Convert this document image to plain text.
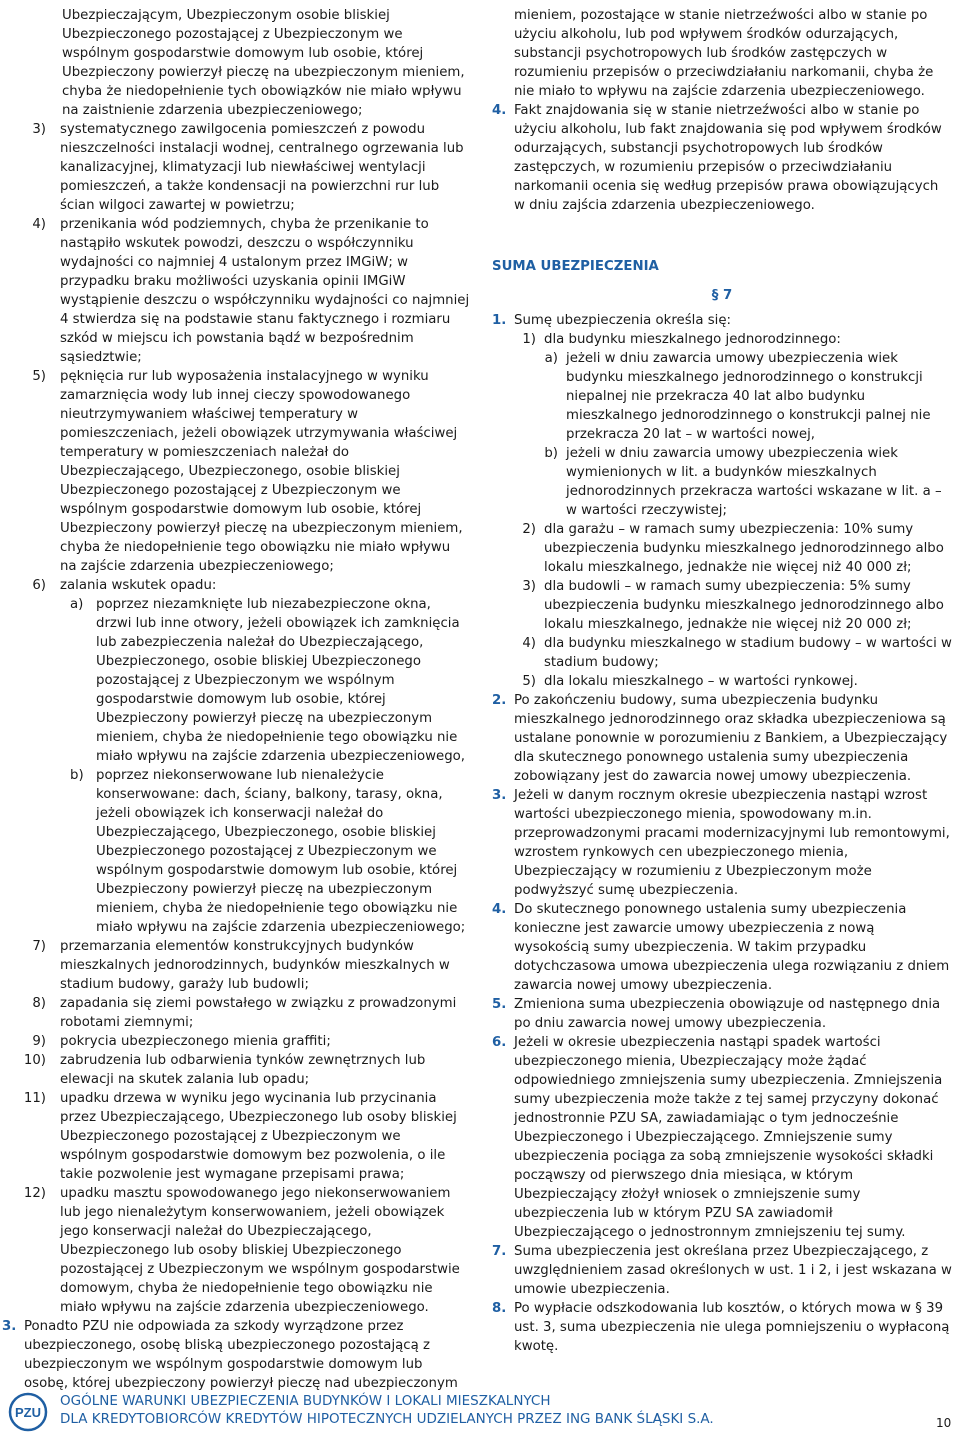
Ubezpieczającym, Ubezpieczonym osobie bliskiej Ubezpieczonego pozostającej z Ubezpieczonym we wspólnym gospodarstwie domowym lub osobie, której Ubezpieczony powierzył pieczę na ubezpieczonym mieniem, chyba że niedopełnienie tych obowiązków nie miało wpływu na zaistnienie zdarzenia ubezpieczeniowego;

3)	systematycznego zawilgocenia pomieszczeń z powodu nieszczelności instalacji wodnej, centralnego ogrzewania lub kanalizacyjnej, klimatyzacji lub niewłaściwej wentylacji pomieszczeń, a także kondensacji na powierzchni rur lub ścian wilgoci zawartej w powietrzu;
4)	przenikania wód podziemnych, chyba że przenikanie to nastąpiło wskutek powodzi, deszczu o współczynniku wydajności co najmniej 4 ustalonym przez IMGiW; w przypadku braku możliwości uzyskania opinii IMGiW wystąpienie deszczu o współczynniku wydajności co najmniej 4 stwierdza się na podstawie stanu faktycznego i rozmiaru szkód w miejscu ich powstania bądź w bezpośrednim sąsiedztwie;
5)	pęknięcia rur lub wyposażenia instalacyjnego w wyniku zamarznięcia wody lub innej cieczy spowodowanego nieutrzymywaniem właściwej temperatury w pomieszczeniach, jeżeli obowiązek utrzymywania właściwej temperatury w pomieszczeniach należał do Ubezpieczającego, Ubezpieczonego, osobie bliskiej Ubezpieczonego pozostającej z Ubezpieczonym we wspólnym gospodarstwie domowym lub osobie, której Ubezpieczony powierzył pieczę na ubezpieczonym mieniem, chyba że niedopełnienie tego obowiązku nie miało wpływu na zajście zdarzenia ubezpieczeniowego;
6)	zalania wskutek opadu:
a) poprzez niezamknięte lub niezabezpieczone okna, drzwi lub inne otwory, jeżeli obowiązek ich zamknięcia lub zabezpieczenia należał do Ubezpieczającego, Ubezpieczonego, osobie bliskiej Ubezpieczonego pozostającej z Ubezpieczonym we wspólnym gospodarstwie domowym lub osobie, której Ubezpieczony powierzył pieczę na ubezpieczonym mieniem, chyba że niedopełnienie tego obowiązku nie miało wpływu na zajście zdarzenia ubezpieczeniowego,
b) poprzez niekonserwowane lub nienależycie konserwowane: dach, ściany, balkony, tarasy, okna, jeżeli obowiązek ich konserwacji należał do Ubezpieczającego, Ubezpieczonego, osobie bliskiej Ubezpieczonego pozostającej z Ubezpieczonym we wspólnym gospodarstwie domowym lub osobie, której Ubezpieczony powierzył pieczę na ubezpieczonym mieniem, chyba że niedopełnienie tego obowiązku nie miało wpływu na zajście zdarzenia ubezpieczeniowego;
7)	przemarzania elementów konstrukcyjnych budynków mieszkalnych jednorodzinnych, budynków mieszkalnych w stadium budowy, garaży lub budowli;
8)	zapadania się ziemi powstałego w związku z prowadzonymi robotami ziemnymi;
9)	pokrycia ubezpieczonego mienia graffiti;
10)	zabrudzenia lub odbarwienia tynków zewnętrznych lub elewacji na skutek zalania lub opadu;
11)	upadku drzewa w wyniku jego wycinania lub przycinania przez Ubezpieczającego, Ubezpieczonego lub osoby bliskiej Ubezpieczonego pozostającej z Ubezpieczonym we wspólnym gospodarstwie domowym bez pozwolenia, o ile takie pozwolenie jest wymagane przepisami prawa;
12)	upadku masztu spowodowanego jego niekonserwowaniem lub jego nienależytym konserwowaniem, jeżeli obowiązek jego konserwacji należał do Ubezpieczającego, Ubezpieczonego lub osoby bliskiej Ubezpieczonego pozostającej z Ubezpieczonym we wspólnym gospodarstwie domowym, chyba że niedopełnienie tego obowiązku nie miało wpływu na zajście zdarzenia ubezpieczeniowego.
3. Ponadto PZU nie odpowiada za szkody wyrządzone przez ubezpieczonego, osobę bliską ubezpieczonego pozostającą z ubezpieczonym we wspólnym gospodarstwie domowym lub osobę, której ubezpieczony powierzył pieczę nad ubezpieczonym

mieniem, pozostające w stanie nietrzeźwości albo w stanie po użyciu alkoholu, lub pod wpływem środków odurzających, substancji psychotropowych lub środków zastępczych w rozumieniu przepisów o przeciwdziałaniu narkomanii, chyba że nie miało to wpływu na zajście zdarzenia ubezpieczeniowego.

4. Fakt znajdowania się w stanie nietrzeźwości albo w stanie po użyciu alkoholu, lub fakt znajdowania się pod wpływem środków odurzających, substancji psychotropowych lub środków zastępczych, w rozumieniu przepisów o przeciwdziałaniu narkomanii ocenia się według przepisów prawa obowiązujących w dniu zajścia zdarzenia ubezpieczeniowego.

SUMA UBEZPIECZENIA

§ 7

1. Sumę ubezpieczenia określa się:
1) dla budynku mieszkalnego jednorodzinnego:
a) jeżeli w dniu zawarcia umowy ubezpieczenia wiek budynku mieszkalnego jednorodzinnego o konstrukcji niepalnej nie przekracza 40 lat albo budynku mieszkalnego jednorodzinnego o konstrukcji palnej nie przekracza 20 lat – w wartości nowej,
b) jeżeli w dniu zawarcia umowy ubezpieczenia wiek wymienionych w lit. a budynków mieszkalnych jednorodzinnych przekracza wartości wskazane w lit. a – w wartości rzeczywistej;
2) dla garażu – w ramach sumy ubezpieczenia: 10% sumy ubezpieczenia budynku mieszkalnego jednorodzinnego albo lokalu mieszkalnego, jednakże nie więcej niż 40 000 zł;
3) dla budowli – w ramach sumy ubezpieczenia: 5% sumy ubezpieczenia budynku mieszkalnego jednorodzinnego albo lokalu mieszkalnego, jednakże nie więcej niż 20 000 zł;
4) dla budynku mieszkalnego w stadium budowy – w wartości w stadium budowy;
5) dla lokalu mieszkalnego – w wartości rynkowej.
2. Po zakończeniu budowy, suma ubezpieczenia budynku mieszkalnego jednorodzinnego oraz składka ubezpieczeniowa są ustalane ponownie w porozumieniu z Bankiem, a Ubezpieczający dla skutecznego ponownego ustalenia sumy ubezpieczenia zobowiązany jest do zawarcia nowej umowy ubezpieczenia.
3. Jeżeli w danym rocznym okresie ubezpieczenia nastąpi wzrost wartości ubezpieczonego mienia, spowodowany m.in. przeprowadzonymi pracami modernizacyjnymi lub remontowymi, wzrostem rynkowych cen ubezpieczonego mienia, Ubezpieczający w rozumieniu z Ubezpieczonym może podwyższyć sumę ubezpieczenia.
4. Do skutecznego ponownego ustalenia sumy ubezpieczenia konieczne jest zawarcie umowy ubezpieczenia z nową wysokością sumy ubezpieczenia. W takim przypadku dotychczasowa umowa ubezpieczenia ulega rozwiązaniu z dniem zawarcia nowej umowy ubezpieczenia.
5. Zmieniona suma ubezpieczenia obowiązuje od następnego dnia po dniu zawarcia nowej umowy ubezpieczenia.
6. Jeżeli w okresie ubezpieczenia nastąpi spadek wartości ubezpieczonego mienia, Ubezpieczający może żądać odpowiedniego zmniejszenia sumy ubezpieczenia. Zmniejszenia sumy ubezpieczenia może także z tej samej przyczyny dokonać jednostronnie PZU SA, zawiadamiając o tym jednocześnie Ubezpieczonego i Ubezpieczającego. Zmniejszenie sumy ubezpieczenia pociąga za sobą zmniejszenie wysokości składki począwszy od pierwszego dnia miesiąca, w którym Ubezpieczający złożył wniosek o zmniejszenie sumy ubezpieczenia lub w którym PZU SA zawiadomił Ubezpieczającego o jednostronnym zmniejszeniu tej sumy.
7. Suma ubezpieczenia jest określana przez Ubezpieczającego, z uwzględnieniem zasad określonych w ust. 1 i 2, i jest wskazana w umowie ubezpieczenia.
8. Po wypłacie odszkodowania lub kosztów, o których mowa w § 39 ust. 3, suma ubezpieczenia nie ulega pomniejszeniu o wypłaconą kwotę.
PZU
OGÓLNE WARUNKI UBEZPIECZENIA BUDYNKÓW I LOKALI MIESZKALNYCH
DLA KREDYTOBIORCÓW KREDYTÓW HIPOTECZNYCH UDZIELANYCH PRZEZ ING BANK ŚLĄSKI S.A.	10
